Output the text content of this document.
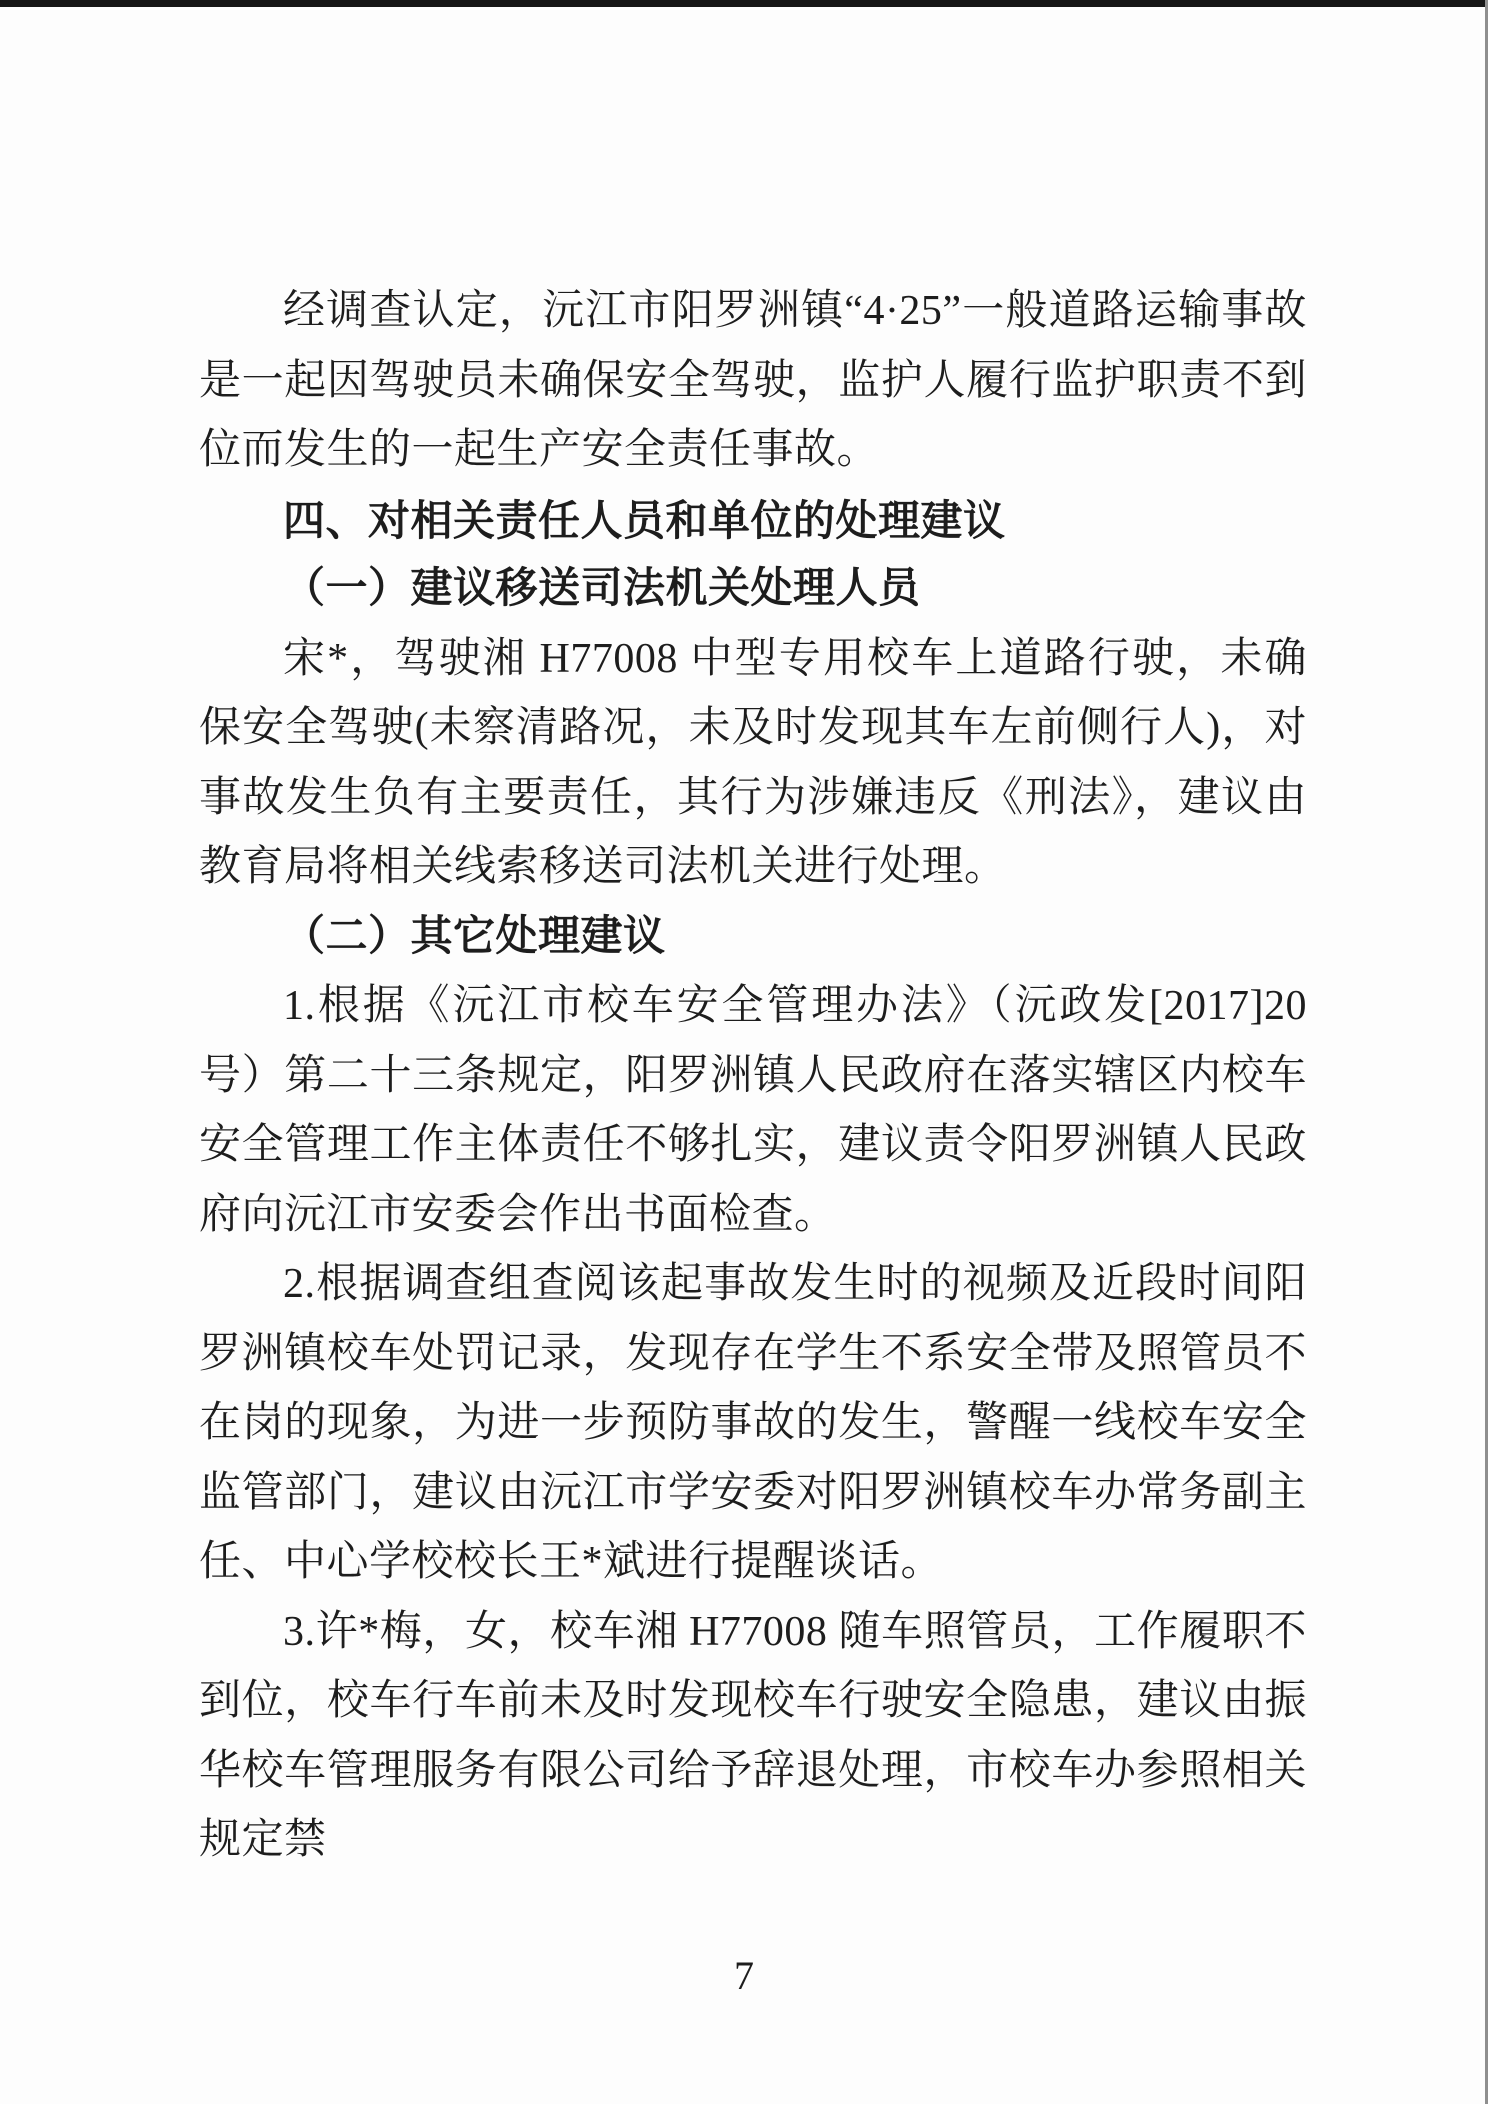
经调查认定，沅江市阳罗洲镇“4·25”一般道路运输事故是一起因驾驶员未确保安全驾驶，监护人履行监护职责不到位而发生的一起生产安全责任事故。

四、对相关责任人员和单位的处理建议

（一）建议移送司法机关处理人员

宋*，驾驶湘 H77008 中型专用校车上道路行驶，未确保安全驾驶(未察清路况，未及时发现其车左前侧行人)，对事故发生负有主要责任，其行为涉嫌违反《刑法》，建议由教育局将相关线索移送司法机关进行处理。

（二）其它处理建议

1.根据《沅江市校车安全管理办法》（沅政发[2017]20 号）第二十三条规定，阳罗洲镇人民政府在落实辖区内校车安全管理工作主体责任不够扎实，建议责令阳罗洲镇人民政府向沅江市安委会作出书面检查。

2.根据调查组查阅该起事故发生时的视频及近段时间阳罗洲镇校车处罚记录，发现存在学生不系安全带及照管员不在岗的现象，为进一步预防事故的发生，警醒一线校车安全监管部门，建议由沅江市学安委对阳罗洲镇校车办常务副主任、中心学校校长王*斌进行提醒谈话。

3.许*梅，女，校车湘 H77008 随车照管员，工作履职不到位，校车行车前未及时发现校车行驶安全隐患，建议由振华校车管理服务有限公司给予辞退处理，市校车办参照相关规定禁

7
